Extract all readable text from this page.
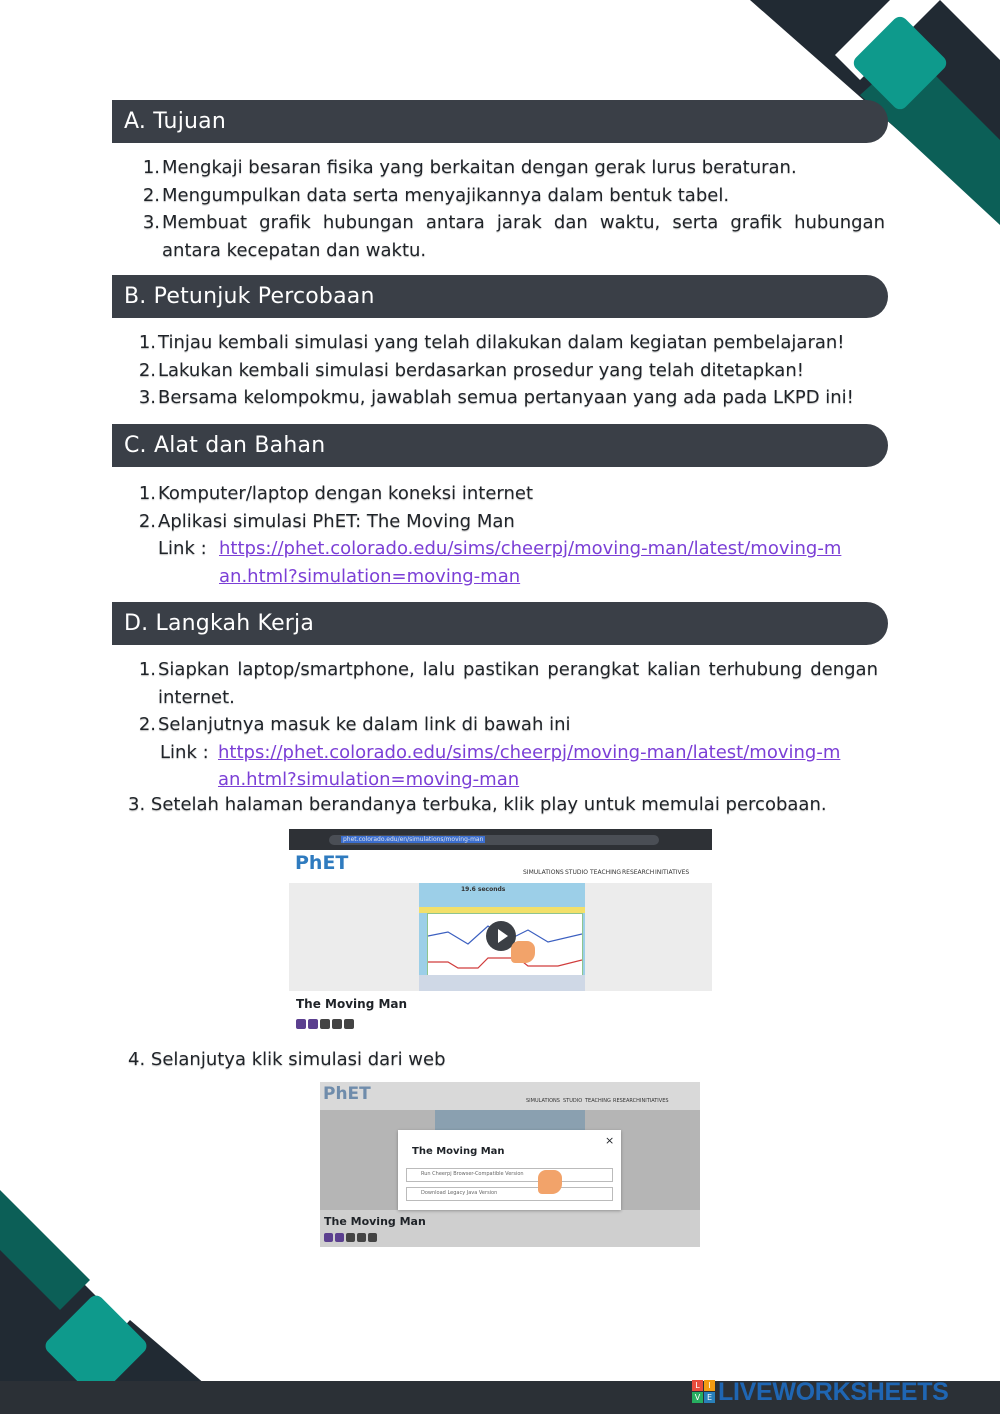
A. Tujuan
1. Mengkaji besaran fisika yang berkaitan dengan gerak lurus beraturan.
2. Mengumpulkan data serta menyajikannya dalam bentuk tabel.
3. Membuat grafik hubungan antara jarak dan waktu, serta grafik hubungan antara kecepatan dan waktu.
B. Petunjuk Percobaan
1. Tinjau kembali simulasi yang telah dilakukan dalam kegiatan pembelajaran!
2. Lakukan kembali simulasi berdasarkan prosedur yang telah ditetapkan!
3. Bersama kelompokmu, jawablah semua pertanyaan yang ada pada LKPD ini!
C. Alat dan Bahan
1. Komputer/laptop dengan koneksi internet
2. Aplikasi simulasi PhET: The Moving Man
Link : https://phet.colorado.edu/sims/cheerpj/moving-man/latest/moving-man.html?simulation=moving-man
D. Langkah Kerja
1. Siapkan laptop/smartphone, lalu pastikan perangkat kalian terhubung dengan internet.
2. Selanjutnya masuk ke dalam link di bawah ini
Link : https://phet.colorado.edu/sims/cheerpj/moving-man/latest/moving-man.html?simulation=moving-man
3. Setelah halaman berandanya terbuka, klik play untuk memulai percobaan.
phet.colorado.edu/en/simulations/moving-man
PhET	SIMULATIONS STUDIO TEACHING RESEARCH INITIATIVES
19.6 seconds
The Moving Man
4. Selanjutya klik simulasi dari web
PhET	SIMULATIONS STUDIO TEACHING RESEARCH INITIATIVES
The Moving Man
×
Run Cheerpj Browser-Compatible Version
Download Legacy Java Version
The Moving Man
L	I
V E LIVEWORKSHEETS
